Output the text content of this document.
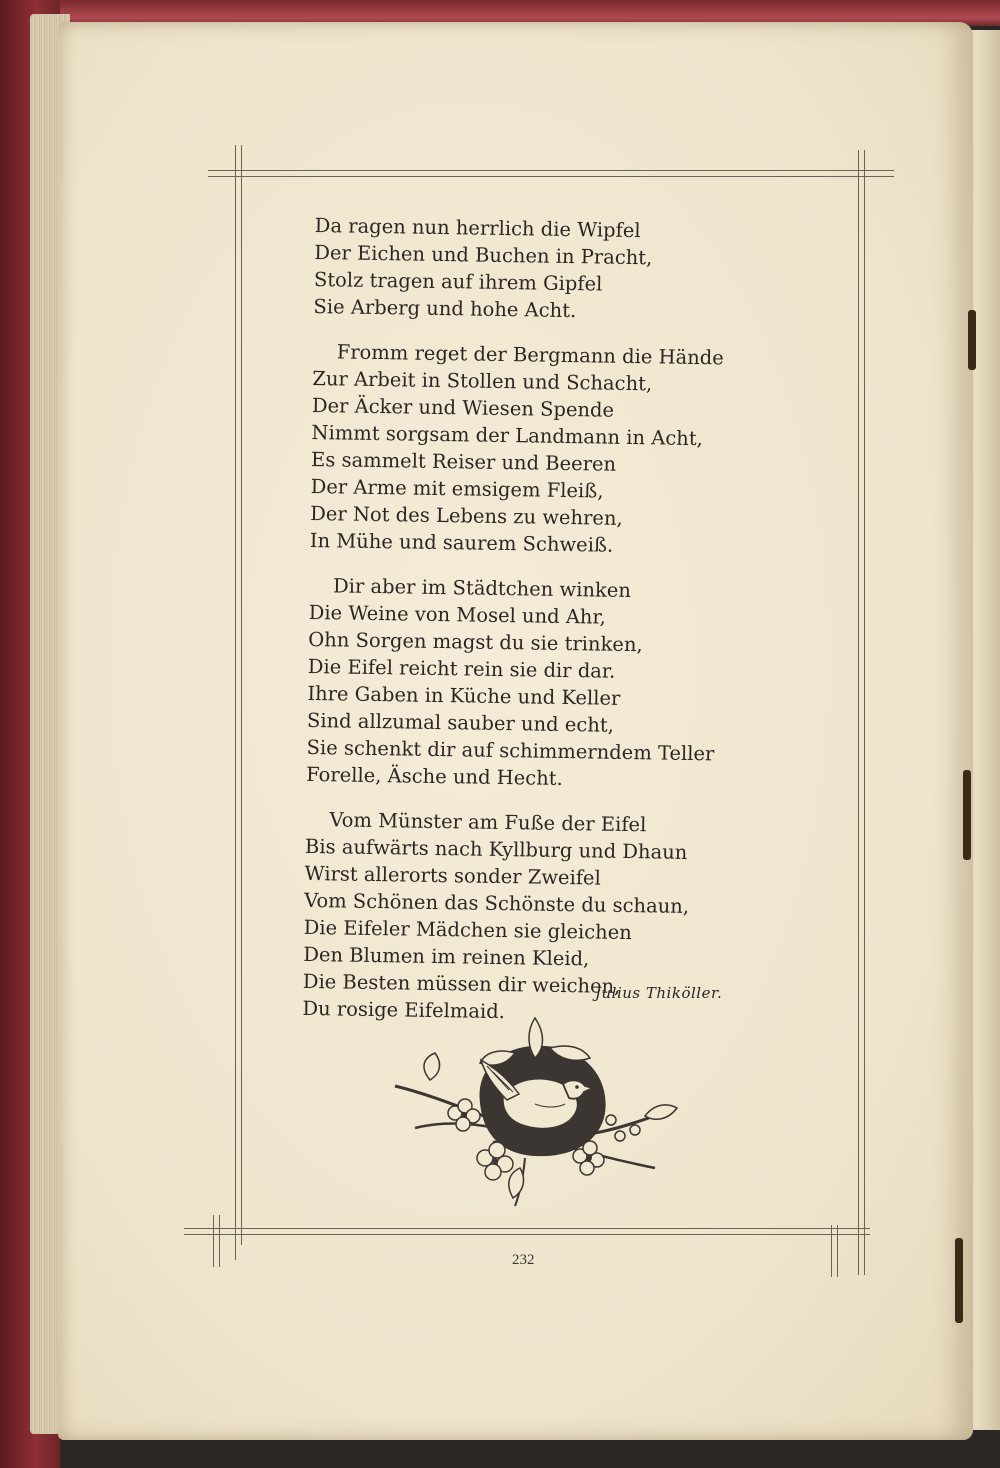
Da ragen nun herrlich die Wipfel
Der Eichen und Buchen in Pracht,
Stolz tragen auf ihrem Gipfel
Sie Arberg und hohe Acht.
Fromm reget der Bergmann die Hände
Zur Arbeit in Stollen und Schacht,
Der Äcker und Wiesen Spende
Nimmt sorgsam der Landmann in Acht,
Es sammelt Reiser und Beeren
Der Arme mit emsigem Fleiß,
Der Not des Lebens zu wehren,
In Mühe und saurem Schweiß.
Dir aber im Städtchen winken
Die Weine von Mosel und Ahr,
Ohn Sorgen magst du sie trinken,
Die Eifel reicht rein sie dir dar.
Ihre Gaben in Küche und Keller
Sind allzumal sauber und echt,
Sie schenkt dir auf schimmerndem Teller
Forelle, Äsche und Hecht.
Vom Münster am Fuße der Eifel
Bis aufwärts nach Kyllburg und Dhaun
Wirst allerorts sonder Zweifel
Vom Schönen das Schönste du schaun,
Die Eifeler Mädchen sie gleichen
Den Blumen im reinen Kleid,
Die Besten müssen dir weichen,
Du rosige Eifelmaid.
Julius Thiköller.
232
